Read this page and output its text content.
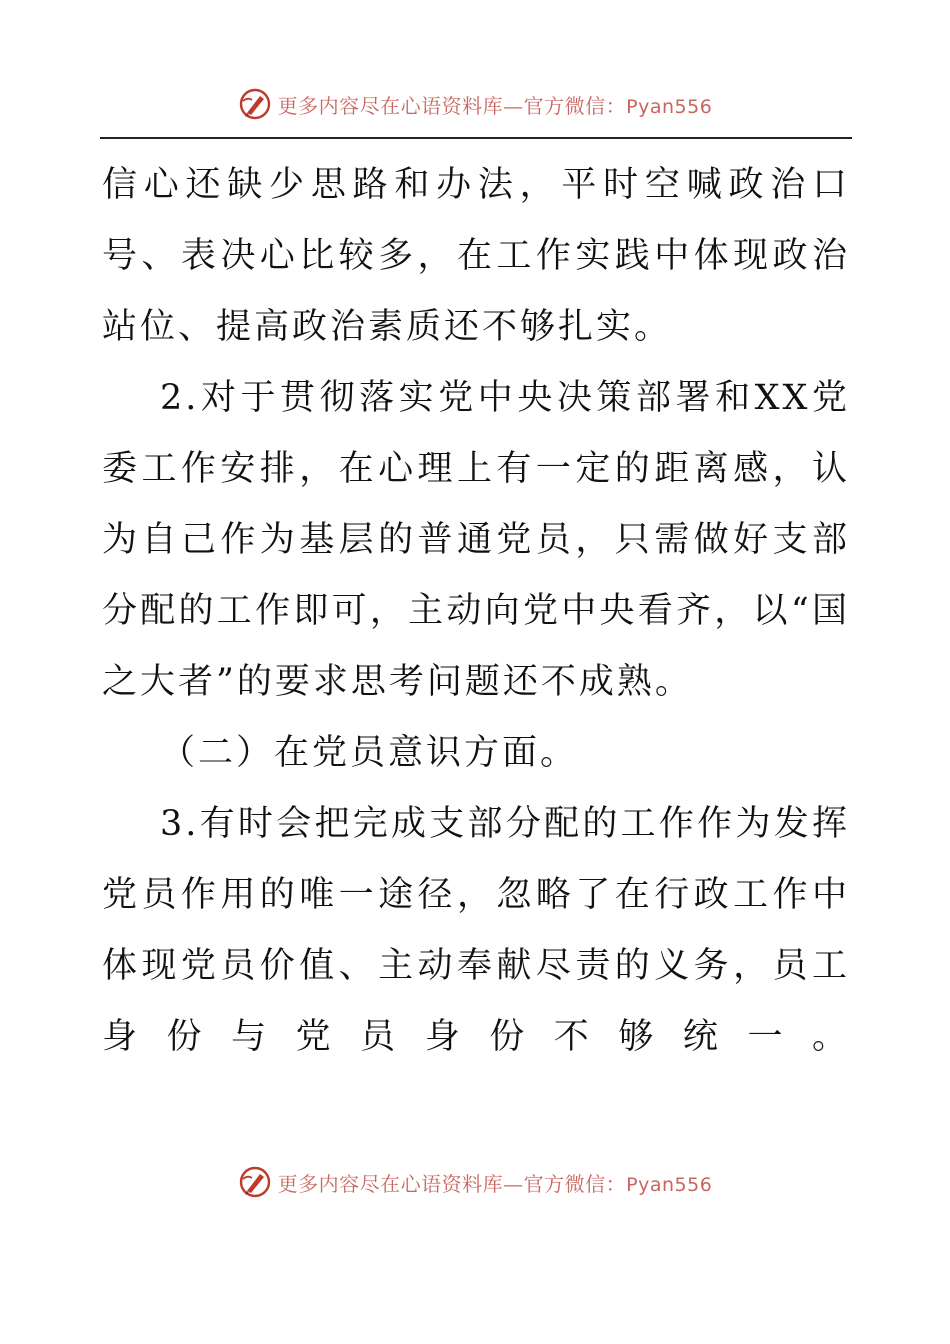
更多内容尽在心语资料库—官方微信：Pyan556

信心还缺少思路和办法，平时空喊政治口号、表决心比较多，在工作实践中体现政治站位、提高政治素质还不够扎实。

2.对于贯彻落实党中央决策部署和XX党委工作安排，在心理上有一定的距离感，认为自己作为基层的普通党员，只需做好支部分配的工作即可，主动向党中央看齐，以“国之大者”的要求思考问题还不成熟。

（二）在党员意识方面。

3.有时会把完成支部分配的工作作为发挥党员作用的唯一途径，忽略了在行政工作中体现党员价值、主动奉献尽责的义务，员工身份与党员身份不够统一。

更多内容尽在心语资料库—官方微信：Pyan556
